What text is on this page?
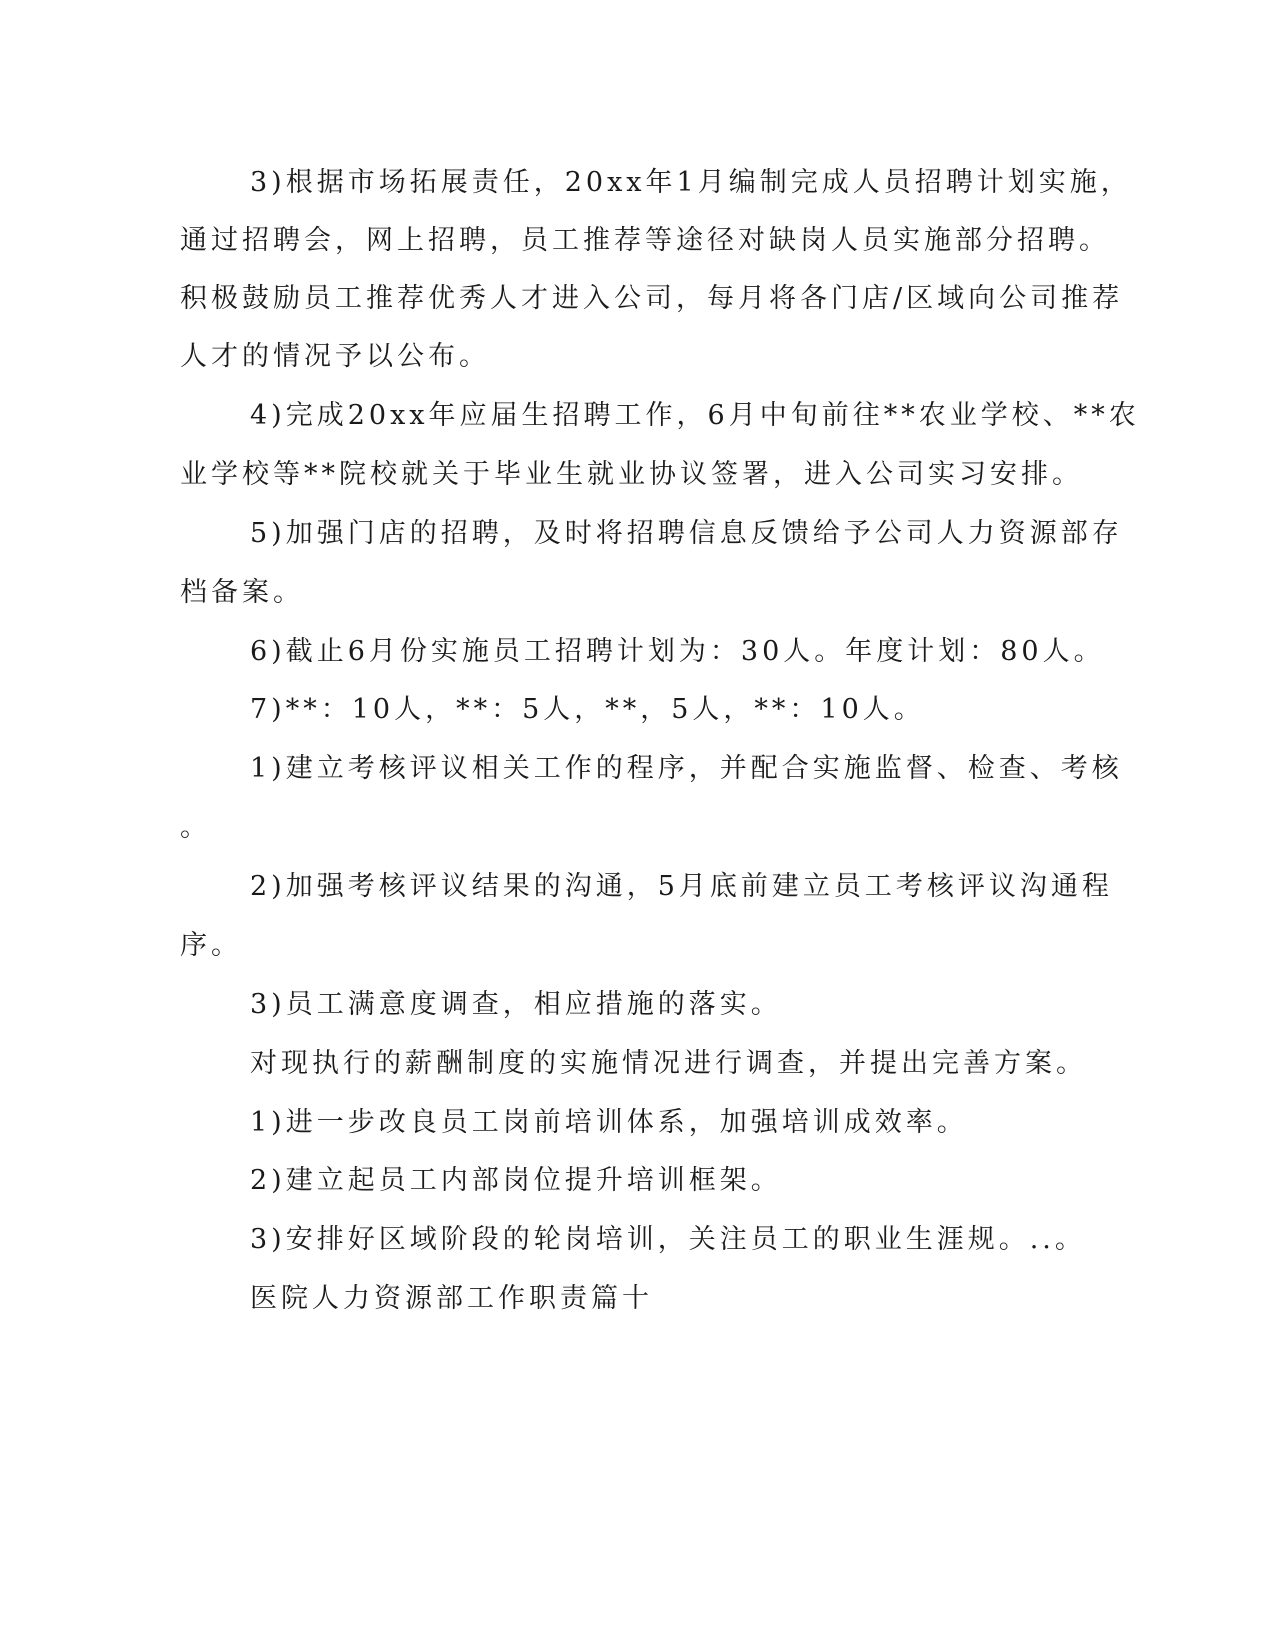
3)根据市场拓展责任，20xx年1月编制完成人员招聘计划实施，
通过招聘会，网上招聘，员工推荐等途径对缺岗人员实施部分招聘。
积极鼓励员工推荐优秀人才进入公司，每月将各门店/区域向公司推荐
人才的情况予以公布。
4)完成20xx年应届生招聘工作，6月中旬前往**农业学校、**农
业学校等**院校就关于毕业生就业协议签署，进入公司实习安排。
5)加强门店的招聘，及时将招聘信息反馈给予公司人力资源部存
档备案。
6)截止6月份实施员工招聘计划为：30人。年度计划：80人。
7)**：10人，**：5人，**，5人，**：10人。
1)建立考核评议相关工作的程序，并配合实施监督、检查、考核
。
2)加强考核评议结果的沟通，5月底前建立员工考核评议沟通程
序。
3)员工满意度调查，相应措施的落实。
对现执行的薪酬制度的实施情况进行调查，并提出完善方案。
1)进一步改良员工岗前培训体系，加强培训成效率。
2)建立起员工内部岗位提升培训框架。
3)安排好区域阶段的轮岗培训，关注员工的职业生涯规。..。
医院人力资源部工作职责篇十
